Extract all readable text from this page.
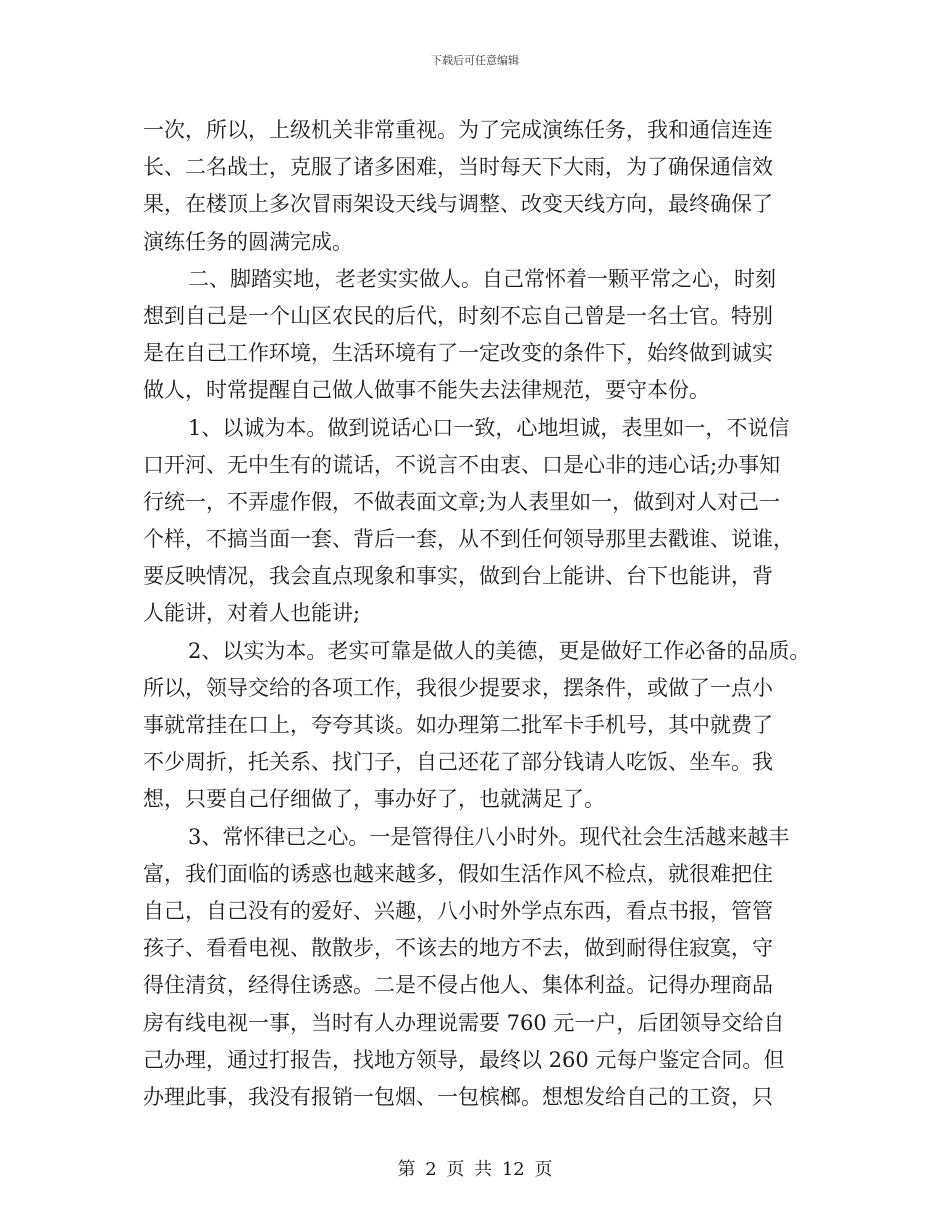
下载后可任意编辑
一次，所以，上级机关非常重视。为了完成演练任务，我和通信连连
长、二名战士，克服了诸多困难，当时每天下大雨，为了确保通信效
果，在楼顶上多次冒雨架设天线与调整、改变天线方向，最终确保了
演练任务的圆满完成。
二、脚踏实地，老老实实做人。自己常怀着一颗平常之心，时刻
想到自己是一个山区农民的后代，时刻不忘自己曾是一名士官。特别
是在自己工作环境，生活环境有了一定改变的条件下，始终做到诚实
做人，时常提醒自己做人做事不能失去法律规范，要守本份。
1、以诚为本。做到说话心口一致，心地坦诚，表里如一，不说信
口开河、无中生有的谎话，不说言不由衷、口是心非的违心话;办事知
行统一，不弄虚作假，不做表面文章;为人表里如一，做到对人对己一
个样，不搞当面一套、背后一套，从不到任何领导那里去戳谁、说谁，
要反映情况，我会直点现象和事实，做到台上能讲、台下也能讲，背
人能讲，对着人也能讲;
2、以实为本。老实可靠是做人的美德，更是做好工作必备的品质。
所以，领导交给的各项工作，我很少提要求，摆条件，或做了一点小
事就常挂在口上，夸夸其谈。如办理第二批军卡手机号，其中就费了
不少周折，托关系、找门子，自己还花了部分钱请人吃饭、坐车。我
想，只要自己仔细做了，事办好了，也就满足了。
3、常怀律已之心。一是管得住八小时外。现代社会生活越来越丰
富，我们面临的诱惑也越来越多，假如生活作风不检点，就很难把住
自己，自己没有的爱好、兴趣，八小时外学点东西，看点书报，管管
孩子、看看电视、散散步，不该去的地方不去，做到耐得住寂寞，守
得住清贫，经得住诱惑。二是不侵占他人、集体利益。记得办理商品
房有线电视一事，当时有人办理说需要 760 元一户，后团领导交给自
己办理，通过打报告，找地方领导，最终以 260 元每户鉴定合同。但
办理此事，我没有报销一包烟、一包槟榔。想想发给自己的工资，只
第 2 页 共 12 页
